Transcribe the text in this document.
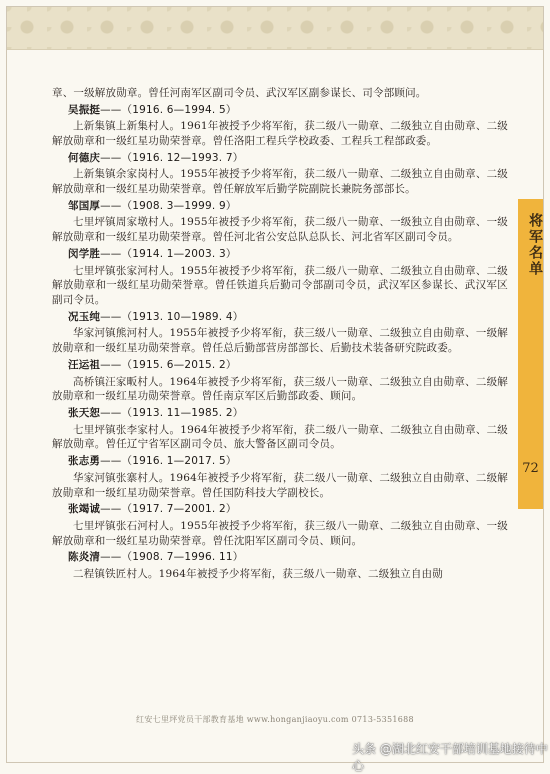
将军名单
72

章、一级解放勋章。曾任河南军区副司令员、武汉军区副参谋长、司令部顾问。

吴振挺——（1916. 6—1994. 5）

上新集镇上新集村人。1961年被授予少将军衔，获二级八一勋章、二级独立自由勋章、二级解放勋章和一级红星功勋荣誉章。曾任洛阳工程兵学校政委、工程兵工程部政委。

何德庆——（1916. 12—1993. 7）

上新集镇余家岗村人。1955年被授予少将军衔，获二级八一勋章、二级独立自由勋章、二级解放勋章和一级红星功勋荣誉章。曾任解放军后勤学院副院长兼院务部部长。

邹国厚——（1908. 3—1999. 9）

七里坪镇周家墩村人。1955年被授予少将军衔，获二级八一勋章、一级独立自由勋章、一级解放勋章和一级红星功勋荣誉章。曾任河北省公安总队总队长、河北省军区副司令员。

闵学胜——（1914. 1—2003. 3）

七里坪镇张家河村人。1955年被授予少将军衔，获二级八一勋章、二级独立自由勋章、二级解放勋章和一级红星功勋荣誉章。曾任铁道兵后勤司令部副司令员，武汉军区参谋长、武汉军区副司令员。

况玉纯——（1913. 10—1989. 4）

华家河镇熊河村人。1955年被授予少将军衔，获三级八一勋章、二级独立自由勋章、一级解放勋章和一级红星功勋荣誉章。曾任总后勤部营房部部长、后勤技术装备研究院政委。

汪运祖——（1915. 6—2015. 2）

高桥镇汪家畈村人。1964年被授予少将军衔，获三级八一勋章、二级独立自由勋章、二级解放勋章和一级红星功勋荣誉章。曾任南京军区后勤部政委、顾问。

张天恕——（1913. 11—1985. 2）

七里坪镇张李家村人。1964年被授予少将军衔，获二级八一勋章、二级独立自由勋章、二级解放勋章。曾任辽宁省军区副司令员、旅大警备区副司令员。

张志勇——（1916. 1—2017. 5）

华家河镇张寨村人。1964年被授予少将军衔，获二级八一勋章、二级独立自由勋章、二级解放勋章和一级红星功勋荣誉章。曾任国防科技大学副校长。

张竭诚——（1917. 7—2001. 2）

七里坪镇张石河村人。1955年被授予少将军衔，获三级八一勋章、二级独立自由勋章、一级解放勋章和一级红星功勋荣誉章。曾任沈阳军区副司令员、顾问。

陈炎清——（1908. 7—1996. 11）

二程镇铁匠村人。1964年被授予少将军衔，获三级八一勋章、二级独立自由勋

红安七里坪党员干部教育基地 www.honganjiaoyu.com 0713-5351688
头条 @湖北红安干部培训基地接待中心
